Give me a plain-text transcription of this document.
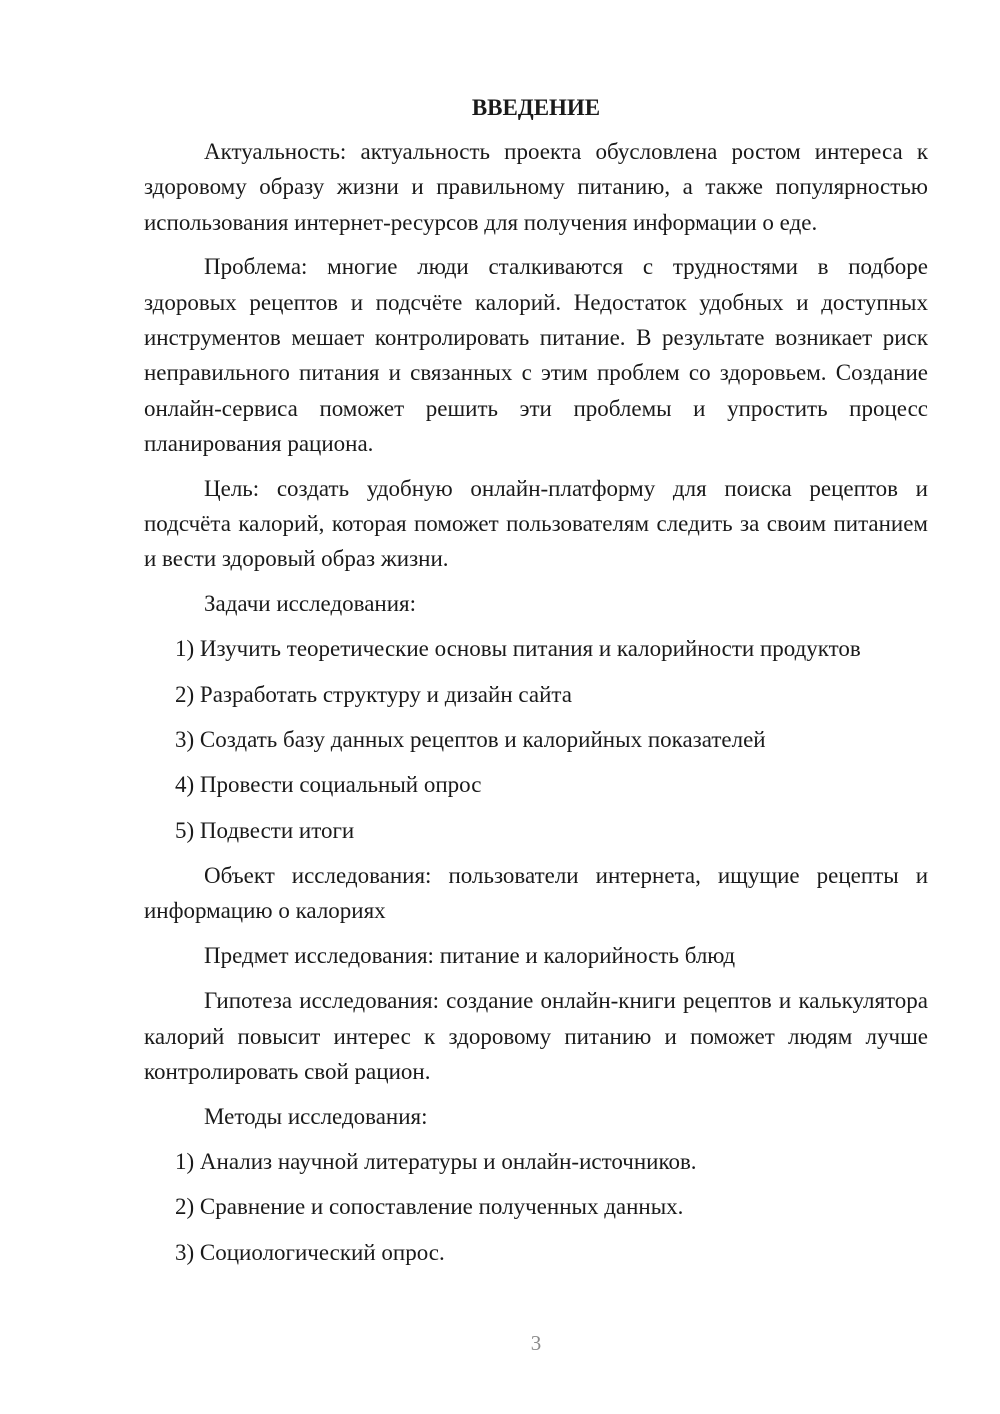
ВВЕДЕНИЕ

Актуальность: актуальность проекта обусловлена ростом интереса к здоровому образу жизни и правильному питанию, а также популярностью использования интернет-ресурсов для получения информации о еде.

Проблема: многие люди сталкиваются с трудностями в подборе здоровых рецептов и подсчёте калорий. Недостаток удобных и доступных инструментов мешает контролировать питание. В результате возникает риск неправильного питания и связанных с этим проблем со здоровьем. Создание онлайн-сервиса поможет решить эти проблемы и упростить процесс планирования рациона.

Цель: создать удобную онлайн-платформу для поиска рецептов и подсчёта калорий, которая поможет пользователям следить за своим питанием и вести здоровый образ жизни.

Задачи исследования:
1) Изучить теоретические основы питания и калорийности продуктов
2) Разработать структуру и дизайн сайта
3) Создать базу данных рецептов и калорийных показателей
4) Провести социальный опрос
5) Подвести итоги

Объект исследования: пользователи интернета, ищущие рецепты и информацию о калориях

Предмет исследования: питание и калорийность блюд

Гипотеза исследования: создание онлайн-книги рецептов и калькулятора калорий повысит интерес к здоровому питанию и поможет людям лучше контролировать свой рацион.

Методы исследования:
1) Анализ научной литературы и онлайн-источников.
2) Сравнение и сопоставление полученных данных.
3) Социологический опрос.
3
